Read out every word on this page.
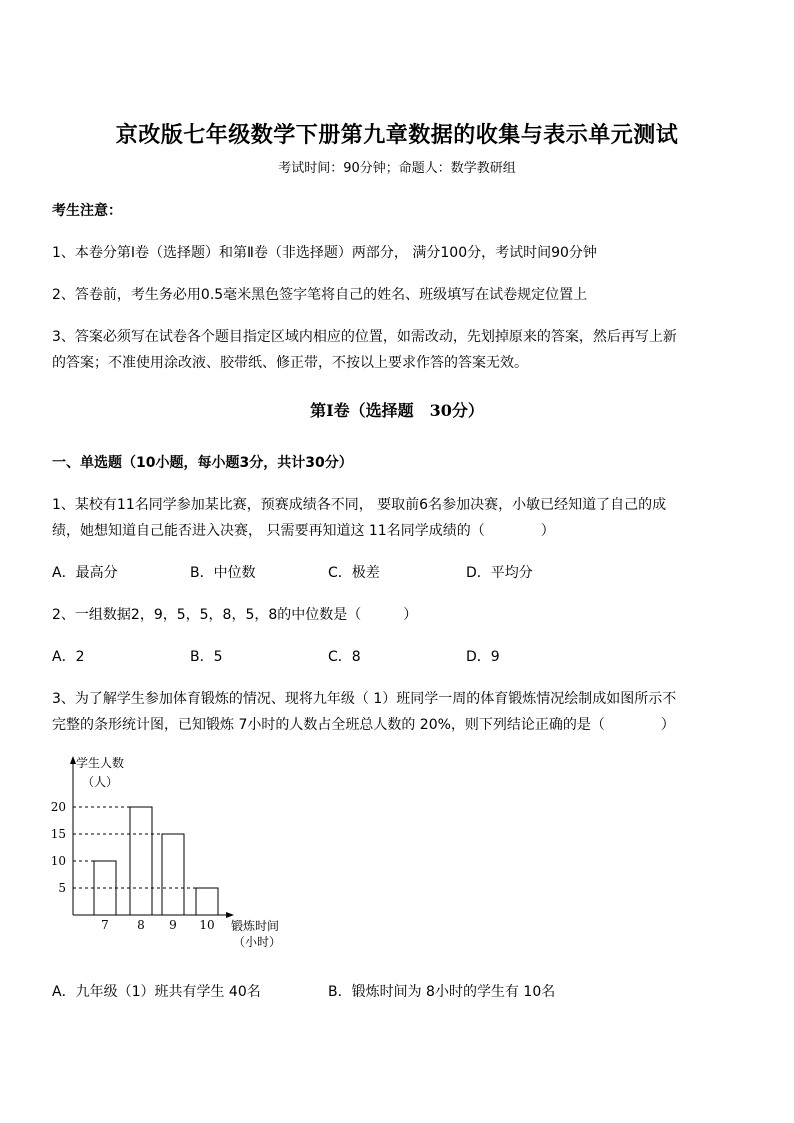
京改版七年级数学下册第九章数据的收集与表示单元测试
考试时间：90分钟；命题人：数学教研组
考生注意：
1、本卷分第Ⅰ卷（选择题）和第Ⅱ卷（非选择题）两部分， 满分100分，考试时间90分钟
2、答卷前，考生务必用0.5毫米黑色签字笔将自己的姓名、班级填写在试卷规定位置上
3、答案必须写在试卷各个题目指定区域内相应的位置，如需改动，先划掉原来的答案，然后再写上新
的答案；不准使用涂改液、胶带纸、修正带，不按以上要求作答的答案无效。
第Ⅰ卷（选择题　30分）
一、单选题（10小题，每小题3分，共计30分）
1、某校有11名同学参加某比赛，预赛成绩各不同， 要取前6名参加决赛，小敏已经知道了自己的成
绩，她想知道自己能否进入决赛， 只需要再知道这 11名同学成绩的（　　　　）
A．最高分	B．中位数	C．极差	D．平均分
2、一组数据2，9，5，5，8，5，8的中位数是（　　　）
A．2	B．5	C．8	D．9
3、为了解学生参加体育锻炼的情况、现将九年级（ 1）班同学一周的体育锻炼情况绘制成如图所示不
完整的条形统计图，已知锻炼 7小时的人数占全班总人数的 20%，则下列结论正确的是（　　　　）
学生人数
（人）
锻炼时间
（小时）
5
10
15
20
7 8 9 10
A．九年级（1）班共有学生 40名	B．锻炼时间为 8小时的学生有 10名
